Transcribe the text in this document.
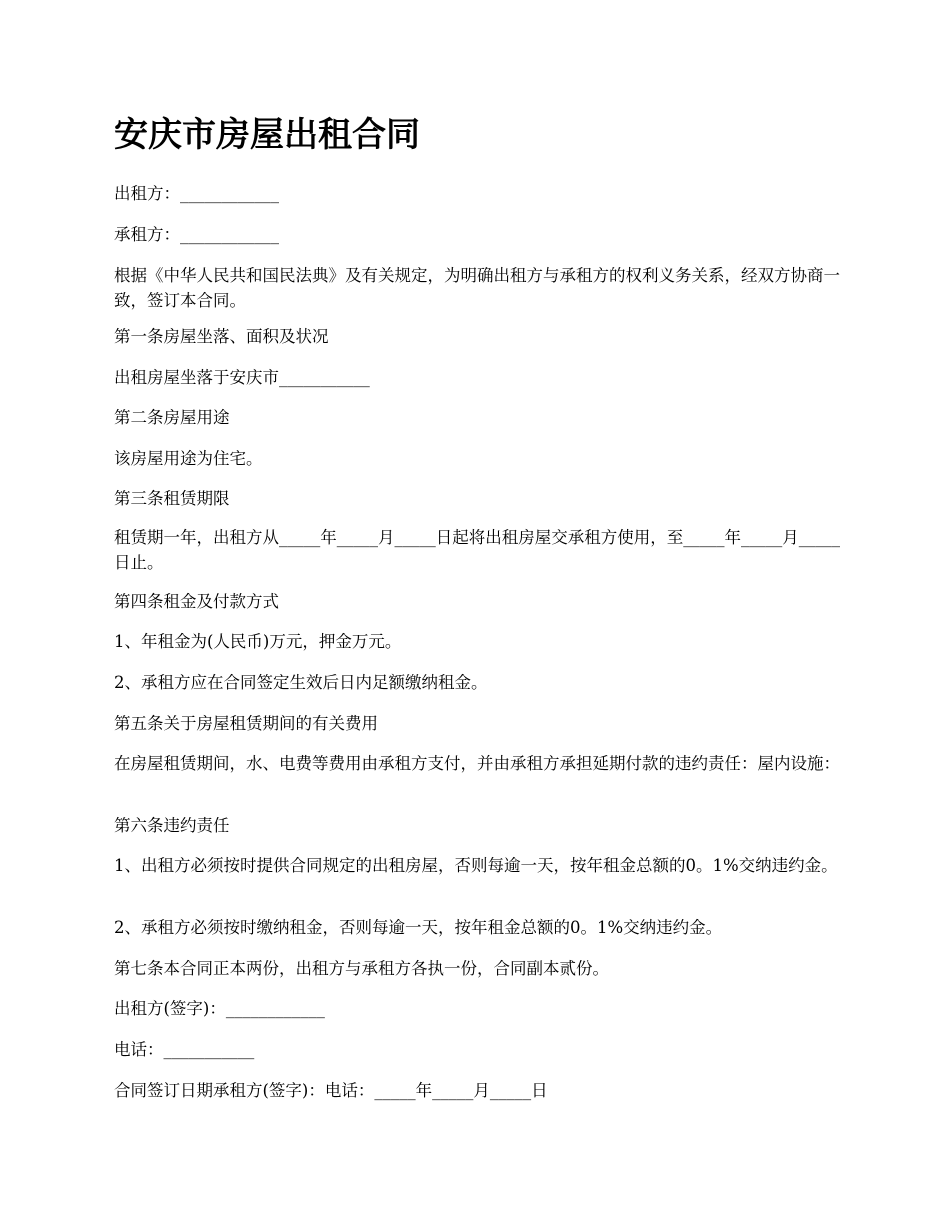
安庆市房屋出租合同

出租方：____________

承租方：____________

根据《中华人民共和国民法典》及有关规定，为明确出租方与承租方的权利义务关系，经双方协商一致，签订本合同。

第一条房屋坐落、面积及状况

出租房屋坐落于安庆市___________

第二条房屋用途

该房屋用途为住宅。

第三条租赁期限

租赁期一年，出租方从_____年_____月_____日起将出租房屋交承租方使用，至_____年_____月_____日止。

第四条租金及付款方式

1、年租金为(人民币)万元，押金万元。

2、承租方应在合同签定生效后日内足额缴纳租金。

第五条关于房屋租赁期间的有关费用

在房屋租赁期间，水、电费等费用由承租方支付，并由承租方承担延期付款的违约责任：屋内设施：

第六条违约责任

1、出租方必须按时提供合同规定的出租房屋，否则每逾一天，按年租金总额的0。1%交纳违约金。

2、承租方必须按时缴纳租金，否则每逾一天，按年租金总额的0。1%交纳违约金。

第七条本合同正本两份，出租方与承租方各执一份，合同副本贰份。

出租方(签字)：____________

电话：___________

合同签订日期承租方(签字)：电话：_____年_____月_____日
